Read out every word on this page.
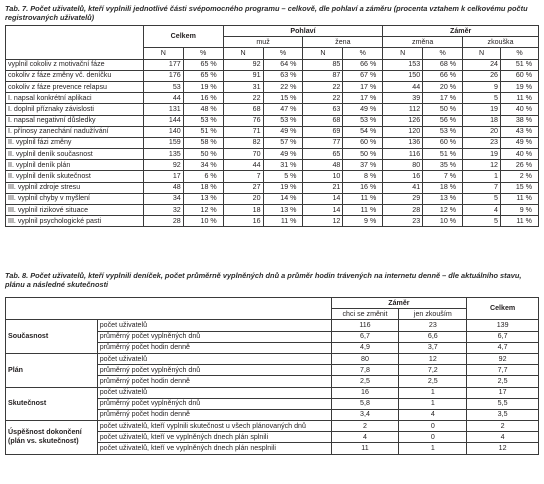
Tab. 7. Počet uživatelů, kteří vyplnili jednotlivé části svépomocného programu – celkově, dle pohlaví a záměru (procenta vztahem k celkovému počtu registrovaných uživatelů)
	Celkem		Pohlaví				Záměr			
			muž		žena		změna		zkouška	
	N	%	N	%	N	%	N	%	N	%
vyplnil cokoliv z motivační fáze	177	65 %	92	64 %	85	66 %	153	68 %	24	51 %
cokoliv z fáze změny vč. deníčku	176	65 %	91	63 %	87	67 %	150	66 %	26	60 %
cokoliv z fáze prevence relapsu	53	19 %	31	22 %	22	17 %	44	20 %	9	19 %
I. napsal konkrétní aplikaci	44	16 %	22	15 %	22	17 %	39	17 %	5	11 %
I. doplnil příznaky závislosti	131	48 %	68	47 %	63	49 %	112	50 %	19	40 %
I. napsal negativní důsledky	144	53 %	76	53 %	68	53 %	126	56 %	18	38 %
I. přínosy zanechání nadužívání	140	51 %	71	49 %	69	54 %	120	53 %	20	43 %
II. vyplnil fázi změny	159	58 %	82	57 %	77	60 %	136	60 %	23	49 %
II. vyplnil deník současnost	135	50 %	70	49 %	65	50 %	116	51 %	19	40 %
II. vyplnil deník plán	92	34 %	44	31 %	48	37 %	80	35 %	12	26 %
II. vyplnil deník skutečnost	17	6 %	7	5 %	10	8 %	16	7 %	1	2 %
III. vyplnil zdroje stresu	48	18 %	27	19 %	21	16 %	41	18 %	7	15 %
III. vyplnil chyby v myšlení	34	13 %	20	14 %	14	11 %	29	13 %	5	11 %
III. vyplnil rizikové situace	32	12 %	18	13 %	14	11 %	28	12 %	4	9 %
III. vyplnil psychologické pasti	28	10 %	16	11 %	12	9 %	23	10 %	5	11 %
Tab. 8. Počet uživatelů, kteří vyplnili deníček, počet průměrně vyplněných dnů a průměr hodin trávených na internetu denně – dle aktuálního stavu, plánu a následné skutečnosti
		Záměr		Celkem
		chci se změnit	jen zkouším	
Současnost	počet uživatelů	116	23	139
	průměrný počet vyplněných dnů	6,7	6,6	6,7
	průměrný počet hodin denně	4,9	3,7	4,7
Plán	počet uživatelů	80	12	92
	průměrný počet vyplněných dnů	7,8	7,2	7,7
	průměrný počet hodin denně	2,5	2,5	2,5
Skutečnost	počet uživatelů	16	1	17
	průměrný počet vyplněných dnů	5,8	1	5,5
	průměrný počet hodin denně	3,4	4	3,5
Úspěšnost dokončení (plán vs. skutečnost)	počet uživatelů, kteří vyplnili skutečnost u všech plánovaných dnů	2	0	2
	počet uživatelů, kteří ve vyplněných dnech plán splnili	4	0	4
	počet uživatelů, kteří ve vyplněných dnech plán nesplnili	11	1	12
